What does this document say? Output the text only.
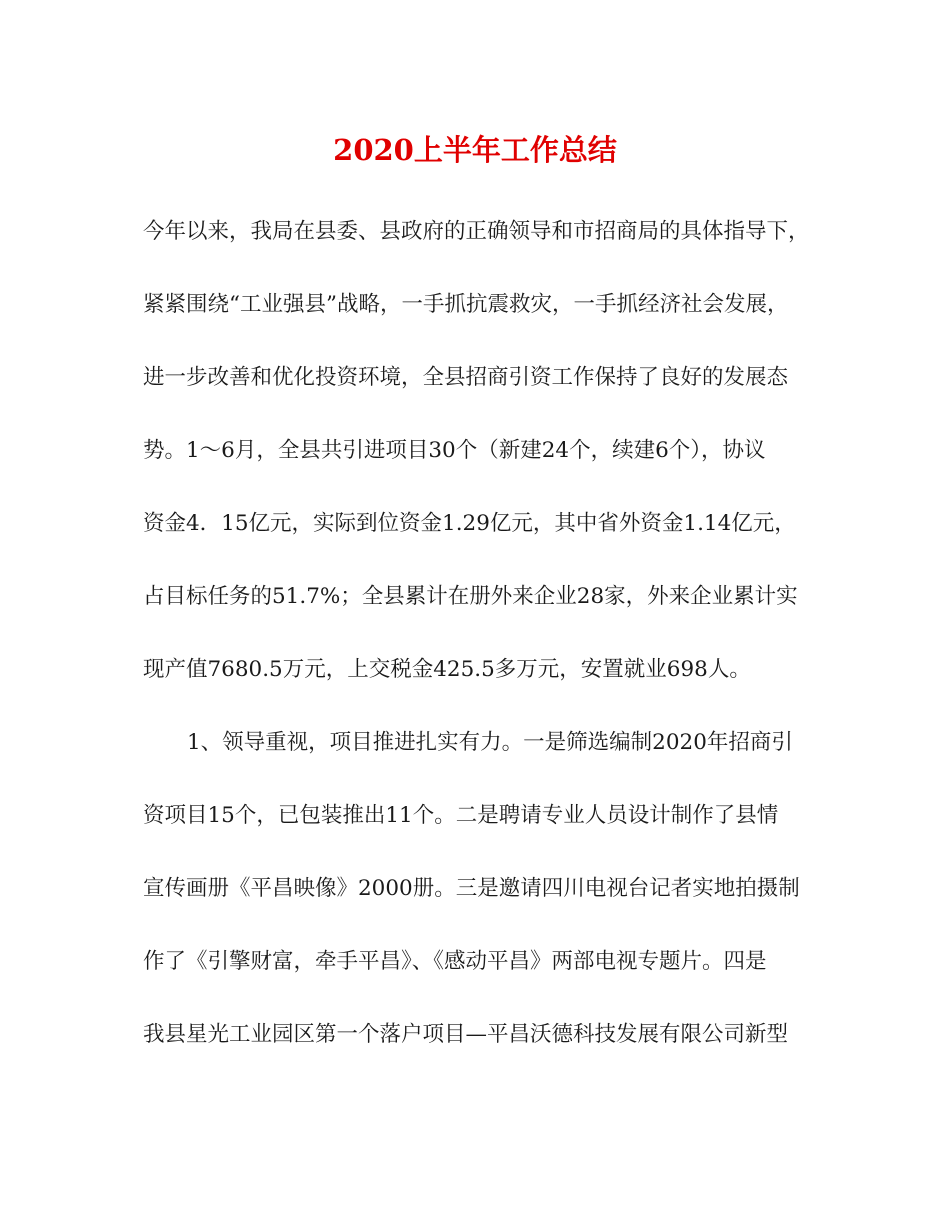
2020上半年工作总结

今年以来，我局在县委、县政府的正确领导和市招商局的具体指导下，

紧紧围绕“工业强县”战略，一手抓抗震救灾，一手抓经济社会发展，

进一步改善和优化投资环境，全县招商引资工作保持了良好的发展态

势。1～6月，全县共引进项目30个（新建24个，续建6个），协议

资金4．15亿元，实际到位资金1.29亿元，其中省外资金1.14亿元，

占目标任务的51.7%；全县累计在册外来企业28家，外来企业累计实

现产值7680.5万元，上交税金425.5多万元，安置就业698人。

1、领导重视，项目推进扎实有力。一是筛选编制2020年招商引

资项目15个，已包装推出11个。二是聘请专业人员设计制作了县情

宣传画册《平昌映像》2000册。三是邀请四川电视台记者实地拍摄制

作了《引擎财富，牵手平昌》、《感动平昌》两部电视专题片。四是

我县星光工业园区第一个落户项目—平昌沃德科技发展有限公司新型
